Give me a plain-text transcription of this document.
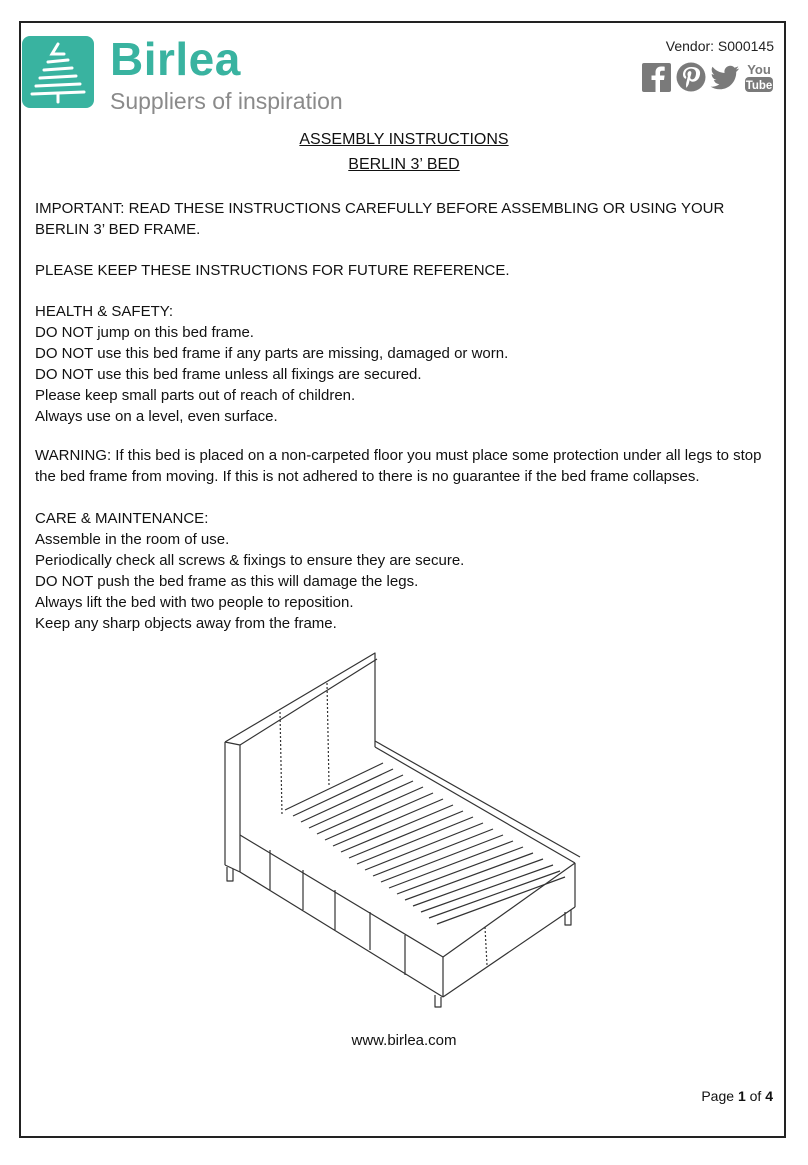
Birlea
Suppliers of inspiration
Vendor: S000145
You
Tube
ASSEMBLY INSTRUCTIONS
BERLIN 3’ BED

IMPORTANT: READ THESE INSTRUCTIONS CAREFULLY BEFORE ASSEMBLING OR USING YOUR BERLIN 3’ BED FRAME.

PLEASE KEEP THESE INSTRUCTIONS FOR FUTURE REFERENCE.

HEALTH & SAFETY:

DO NOT jump on this bed frame.

DO NOT use this bed frame if any parts are missing, damaged or worn.

DO NOT use this bed frame unless all fixings are secured.

Please keep small parts out of reach of children.

Always use on a level, even surface.

WARNING: If this bed is placed on a non-carpeted floor you must place some protection under all legs to stop the bed frame from moving. If this is not adhered to there is no guarantee if the bed frame collapses.

CARE & MAINTENANCE:

Assemble in the room of use.

Periodically check all screws & fixings to ensure they are secure.

DO NOT push the bed frame as this will damage the legs.

Always lift the bed with two people to reposition.

Keep any sharp objects away from the frame.

www.birlea.com
Page 1 of 4
